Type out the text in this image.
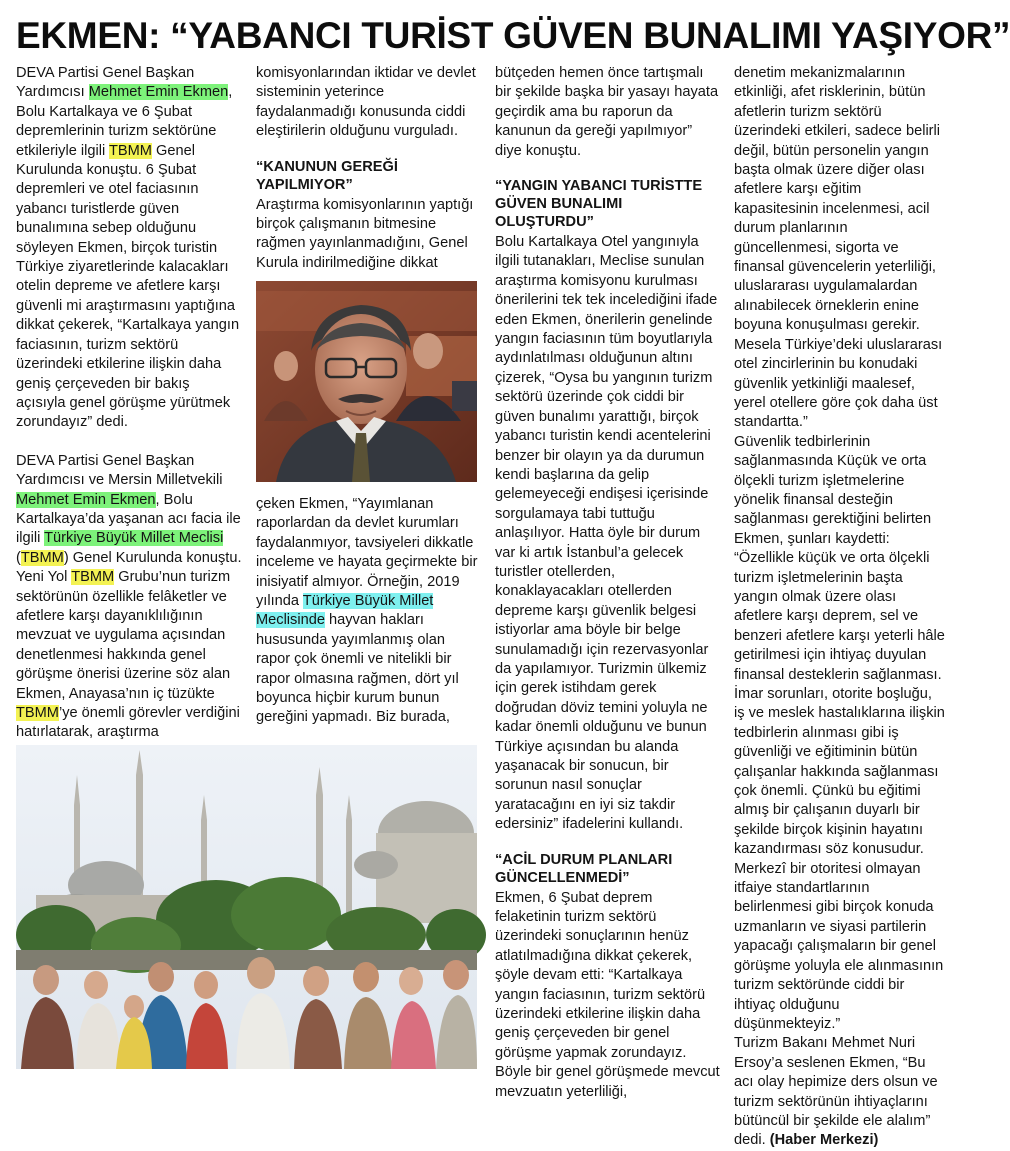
EKMEN: “YABANCI TURİST GÜVEN BUNALIMI YAŞIYOR”

DEVA Partisi Genel Başkan Yardımcısı Mehmet Emin Ekmen, Bolu Kartalkaya ve 6 Şubat depremlerinin turizm sektörüne etkileriyle ilgili TBMM Genel Kurulunda konuştu. 6 Şubat depremleri ve otel faciasının yabancı turistlerde güven bunalımına sebep olduğunu söyleyen Ekmen, birçok turistin Türkiye ziyaretlerinde kalacakları otelin depreme ve afetlere karşı güvenli mi araştırmasını yaptığına dikkat çekerek, “Kartalkaya yangın faciasının, turizm sektörü üzerindeki etkilerine ilişkin daha geniş çerçeveden bir bakış açısıyla genel görüşme yürütmek zorundayız” dedi.

DEVA Partisi Genel Başkan Yardımcısı ve Mersin Milletvekili Mehmet Emin Ekmen, Bolu Kartalkaya’da yaşanan acı facia ile ilgili Türkiye Büyük Millet Meclisi (TBMM) Genel Kurulunda konuştu. Yeni Yol TBMM Grubu’nun turizm sektörünün özellikle felâketler ve afetlere karşı dayanıklılığının mevzuat ve uygulama açısından denetlenmesi hakkında genel görüşme önerisi üzerine söz alan Ekmen, Anayasa’nın iç tüzükte TBMM’ye önemli görevler verdiğini hatırlatarak, araştırma

komisyonlarından iktidar ve devlet sisteminin yeterince faydalanmadığı konusunda ciddi eleştirilerin olduğunu vurguladı.

“KANUNUN GEREĞİ YAPILMIYOR”

Araştırma komisyonlarının yaptığı birçok çalışmanın bitmesine rağmen yayınlanmadığını, Genel Kurula indirilmediğine dikkat

çeken Ekmen, “Yayımlanan raporlardan da devlet kurumları faydalanmıyor, tavsiyeleri dikkatle inceleme ve hayata geçirmekte bir inisiyatif almıyor. Örneğin, 2019 yılında Türkiye Büyük Millet Meclisinde hayvan hakları hususunda yayımlanmış olan rapor çok önemli ve nitelikli bir rapor olmasına rağmen, dört yıl boyunca hiçbir kurum bunun gereğini yapmadı. Biz burada,

bütçeden hemen önce tartışmalı bir şekilde başka bir yasayı hayata geçirdik ama bu raporun da kanunun da gereği yapılmıyor” diye konuştu.

“YANGIN YABANCI TURİSTTE GÜVEN BUNALIMI OLUŞTURDU”

Bolu Kartalkaya Otel yangınıyla ilgili tutanakları, Meclise sunulan araştırma komisyonu kurulması önerilerini tek tek incelediğini ifade eden Ekmen, önerilerin genelinde yangın faciasının tüm boyutlarıyla aydınlatılması olduğunun altını çizerek, “Oysa bu yangının turizm sektörü üzerinde çok ciddi bir güven bunalımı yarattığı, birçok yabancı turistin kendi acentelerini benzer bir olayın ya da durumun kendi başlarına da gelip gelemeyeceği endişesi içerisinde sorgulamaya tabi tuttuğu anlaşılıyor. Hatta öyle bir durum var ki artık İstanbul’a gelecek turistler otellerden, konaklayacakları otellerden depreme karşı güvenlik belgesi istiyorlar ama böyle bir belge sunulamadığı için rezervasyonlar da yapılamıyor. Turizmin ülkemiz için gerek istihdam gerek doğrudan döviz temini yoluyla ne kadar önemli olduğunu ve bunun Türkiye açısından bu alanda yaşanacak bir sonucun, bir sorunun nasıl sonuçlar yaratacağını en iyi siz takdir edersiniz” ifadelerini kullandı.

“ACİL DURUM PLANLARI GÜNCELLENMEDİ”

Ekmen, 6 Şubat deprem felaketinin turizm sektörü üzerindeki sonuçlarının henüz atlatılmadığına dikkat çekerek, şöyle devam etti: “Kartalkaya yangın faciasının, turizm sektörü üzerindeki etkilerine ilişkin daha geniş çerçeveden bir genel görüşme yapmak zorundayız. Böyle bir genel görüşmede mevcut mevzuatın yeterliliği,

denetim mekanizmalarının etkinliği, afet risklerinin, bütün afetlerin turizm sektörü üzerindeki etkileri, sadece belirli değil, bütün personelin yangın başta olmak üzere diğer olası afetlere karşı eğitim kapasitesinin incelenmesi, acil durum planlarının güncellenmesi, sigorta ve finansal güvencelerin yeterliliği, uluslararası uygulamalardan alınabilecek örneklerin enine boyuna konuşulması gerekir. Mesela Türkiye’deki uluslararası otel zincirlerinin bu konudaki güvenlik yetkinliği maalesef, yerel otellere göre çok daha üst standartta.”

Güvenlik tedbirlerinin sağlanmasında Küçük ve orta ölçekli turizm işletmelerine yönelik finansal desteğin sağlanması gerektiğini belirten Ekmen, şunları kaydetti:

“Özellikle küçük ve orta ölçekli turizm işletmelerinin başta yangın olmak üzere olası afetlere karşı deprem, sel ve benzeri afetlere karşı yeterli hâle getirilmesi için ihtiyaç duyulan finansal desteklerin sağlanması.

İmar sorunları, otorite boşluğu, iş ve meslek hastalıklarına ilişkin tedbirlerin alınması gibi iş güvenliği ve eğitiminin bütün çalışanlar hakkında sağlanması çok önemli. Çünkü bu eğitimi almış bir çalışanın duyarlı bir şekilde birçok kişinin hayatını kazandırması söz konusudur. Merkezî bir otoritesi olmayan itfaiye standartlarının belirlenmesi gibi birçok konuda uzmanların ve siyasi partilerin yapacağı çalışmaların bir genel görüşme yoluyla ele alınmasının turizm sektöründe ciddi bir ihtiyaç olduğunu düşünmekteyiz.”

Turizm Bakanı Mehmet Nuri Ersoy’a seslenen Ekmen, “Bu acı olay hepimize ders olsun ve turizm sektörünün ihtiyaçlarını bütüncül bir şekilde ele alalım” dedi. (Haber Merkezi)
